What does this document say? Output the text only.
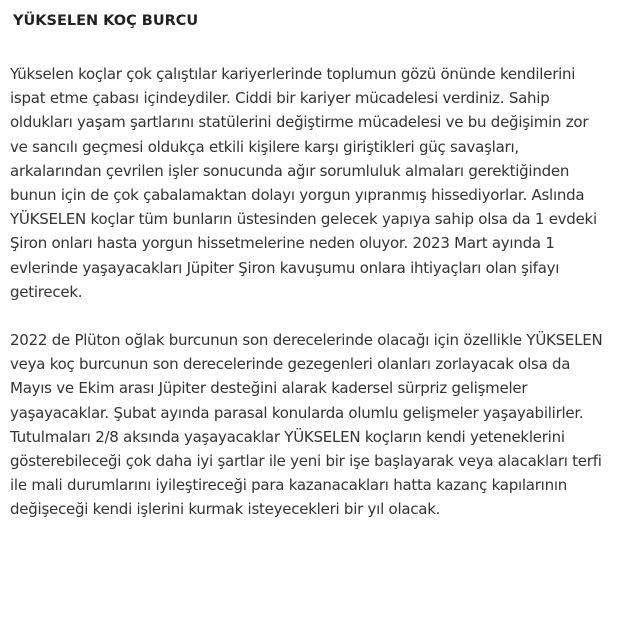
YÜKSELEN KOÇ BURCU

Yükselen koçlar çok çalıştılar kariyerlerinde toplumun gözü önünde kendilerini ispat etme çabası içindeydiler. Ciddi bir kariyer mücadelesi verdiniz. Sahip oldukları yaşam şartlarını statülerini değiştirme mücadelesi ve bu değişimin zor ve sancılı geçmesi oldukça etkili kişilere karşı giriştikleri güç savaşları, arkalarından çevrilen işler sonucunda ağır sorumluluk almaları gerektiğinden bunun için de çok çabalamaktan dolayı yorgun yıpranmış hissediyorlar. Aslında YÜKSELEN koçlar tüm bunların üstesinden gelecek yapıya sahip olsa da 1 evdeki Şiron onları hasta yorgun hissetmelerine neden oluyor. 2023 Mart ayında 1 evlerinde yaşayacakları Jüpiter Şiron kavuşumu onlara ihtiyaçları olan şifayı getirecek.

2022 de Plüton oğlak burcunun son derecelerinde olacağı için özellikle YÜKSELEN veya koç burcunun son derecelerinde gezegenleri olanları zorlayacak olsa da Mayıs ve Ekim arası Jüpiter desteğini alarak kadersel sürpriz gelişmeler yaşayacaklar. Şubat ayında parasal konularda olumlu gelişmeler yaşayabilirler. Tutulmaları 2/8 aksında yaşayacaklar YÜKSELEN koçların kendi yeteneklerini gösterebileceği çok daha iyi şartlar ile yeni bir işe başlayarak veya alacakları terfi ile mali durumlarını iyileştireceği para kazanacakları hatta kazanç kapılarının değişeceği kendi işlerini kurmak isteyecekleri bir yıl olacak.
